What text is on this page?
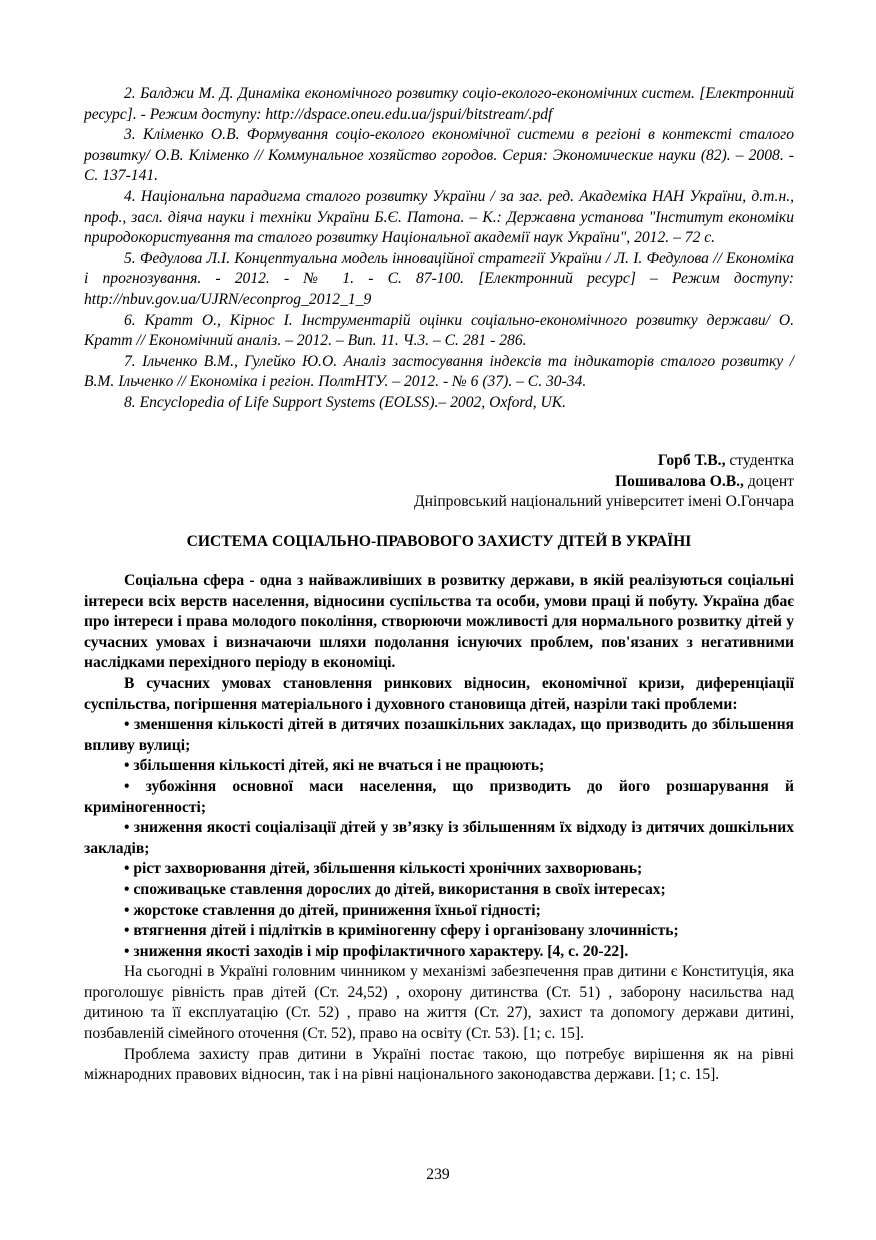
2. Балджи М. Д. Динаміка економічного розвитку соціо-еколого-економічних систем. [Електронний ресурс]. - Режим доступу: http://dspace.oneu.edu.ua/jspui/bitstream/.pdf

3. Кліменко О.В. Формування соціо-еколого економічної системи в регіоні в контексті сталого розвитку/ О.В. Кліменко // Коммунальное хозяйство городов. Серия: Экономические науки (82). – 2008. - С. 137-141.

4. Національна парадигма сталого розвитку України / за заг. ред. Академіка НАН України, д.т.н., проф., засл. діяча науки і техніки України Б.Є. Патона. – К.: Державна установа "Інститут економіки природокористування та сталого розвитку Національної академії наук України", 2012. – 72 с.

5. Федулова Л.І. Концептуальна модель інноваційної стратегії України / Л. І. Федулова // Економіка і прогнозування. - 2012. - № 1. - С. 87-100. [Електронний ресурс] – Режим доступу: http://nbuv.gov.ua/UJRN/econprog_2012_1_9

6. Кратт О., Кірнос І. Інструментарій оцінки соціально-економічного розвитку держави/ О. Кратт // Економічний аналіз. – 2012. – Вип. 11. Ч.3. – С. 281 - 286.

7. Ільченко В.М., Гулейко Ю.О. Аналіз застосування індексів та індикаторів сталого розвитку / В.М. Ільченко // Економіка і регіон. ПолтНТУ. – 2012. - № 6 (37). – С. 30-34.

8. Encyclopedia of Life Support Systems (EOLSS).– 2002, Oxford, UK.

Горб Т.В., студентка
Пошивалова О.В., доцент
Дніпровський національний університет імені О.Гончара
СИСТЕМА СОЦІАЛЬНО-ПРАВОВОГО ЗАХИСТУ ДІТЕЙ В УКРАЇНІ

Соціальна сфера - одна з найважливіших в розвитку держави, в якій реалізуються соціальні інтереси всіх верств населення, відносини суспільства та особи, умови праці й побуту. Україна дбає про інтереси і права молодого покоління, створюючи можливості для нормального розвитку дітей у сучасних умовах і визначаючи шляхи подолання існуючих проблем, пов'язаних з негативними наслідками перехідного періоду в економіці.

В сучасних умовах становлення ринкових відносин, економічної кризи, диференціації суспільства, погіршення матеріального і духовного становища дітей, назріли такі проблеми:

• зменшення кількості дітей в дитячих позашкільних закладах, що призводить до збільшення впливу вулиці;

• збільшення кількості дітей, які не вчаться і не працюють;

• зубожіння основної маси населення, що призводить до його розшарування й криміногенності;

• зниження якості соціалізації дітей у зв’язку із збільшенням їх відходу із дитячих дошкільних закладів;

• ріст захворювання дітей, збільшення кількості хронічних захворювань;

• споживацьке ставлення дорослих до дітей, використання в своїх інтересах;

• жорстоке ставлення до дітей, приниження їхньої гідності;

• втягнення дітей і підлітків в криміногенну сферу і організовану злочинність;

• зниження якості заходів і мір профілактичного характеру. [4, с. 20-22].

На сьогодні в Україні головним чинником у механізмі забезпечення прав дитини є Конституція, яка проголошує рівність прав дітей (Ст. 24,52) , охорону дитинства (Ст. 51) , заборону насильства над дитиною та її експлуатацію (Ст. 52) , право на життя (Ст. 27), захист та допомогу держави дитині, позбавленій сімейного оточення (Ст. 52), право на освіту (Ст. 53). [1; с. 15].

Проблема захисту прав дитини в Україні постає такою, що потребує вирішення як на рівні міжнародних правових відносин, так і на рівні національного законодавства держави. [1; с. 15].

239
